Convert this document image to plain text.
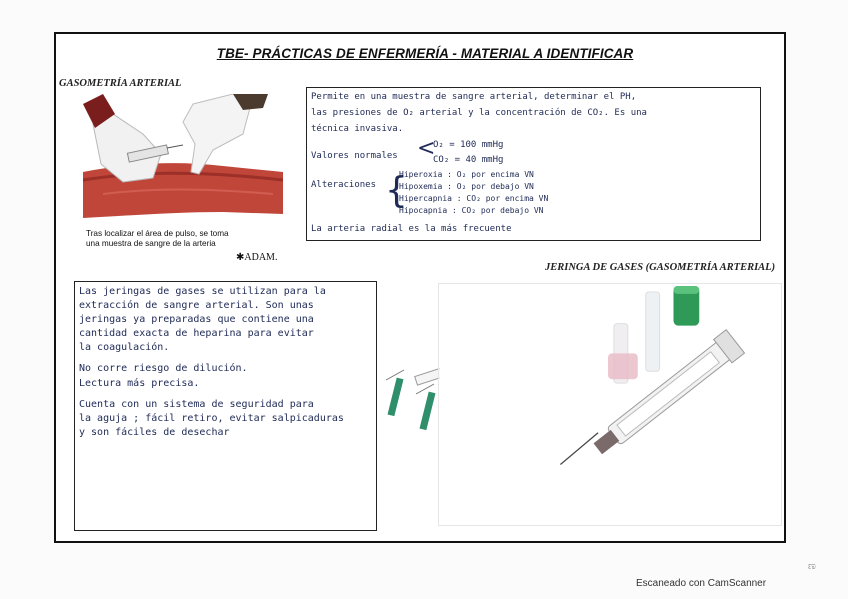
TBE- PRÁCTICAS DE ENFERMERÍA - MATERIAL A IDENTIFICAR
GASOMETRÍA ARTERIAL
Tras localizar el área de pulso, se toma
una muestra de sangre de la arteria
✱ADAM.
Permite en una muestra de sangre arterial, determinar el PH,
las presiones de O₂ arterial y la concentración de CO₂. Es una
técnica invasiva.
Valores normales <
O₂ = 100 mmHg
CO₂ = 40 mmHg
Alteraciones {
Hiperoxia : O₂ por encima VN
Hipoxemia : O₂ por debajo VN
Hipercapnia : CO₂ por encima VN
Hipocapnia : CO₂ por debajo VN
La arteria radial es la más frecuente
JERINGA DE GASES (GASOMETRÍA ARTERIAL)
Las jeringas de gases se utilizan para la
extracción de sangre arterial. Son unas
jeringas ya preparadas que contiene una
cantidad exacta de heparina para evitar
la coagulación.
No corre riesgo de dilución.
Lectura más precisa.
Cuenta con un sistema de seguridad para
la aguja ; fácil retiro, evitar salpicaduras
y son fáciles de desechar
Escaneado con CamScanner
ಣ
